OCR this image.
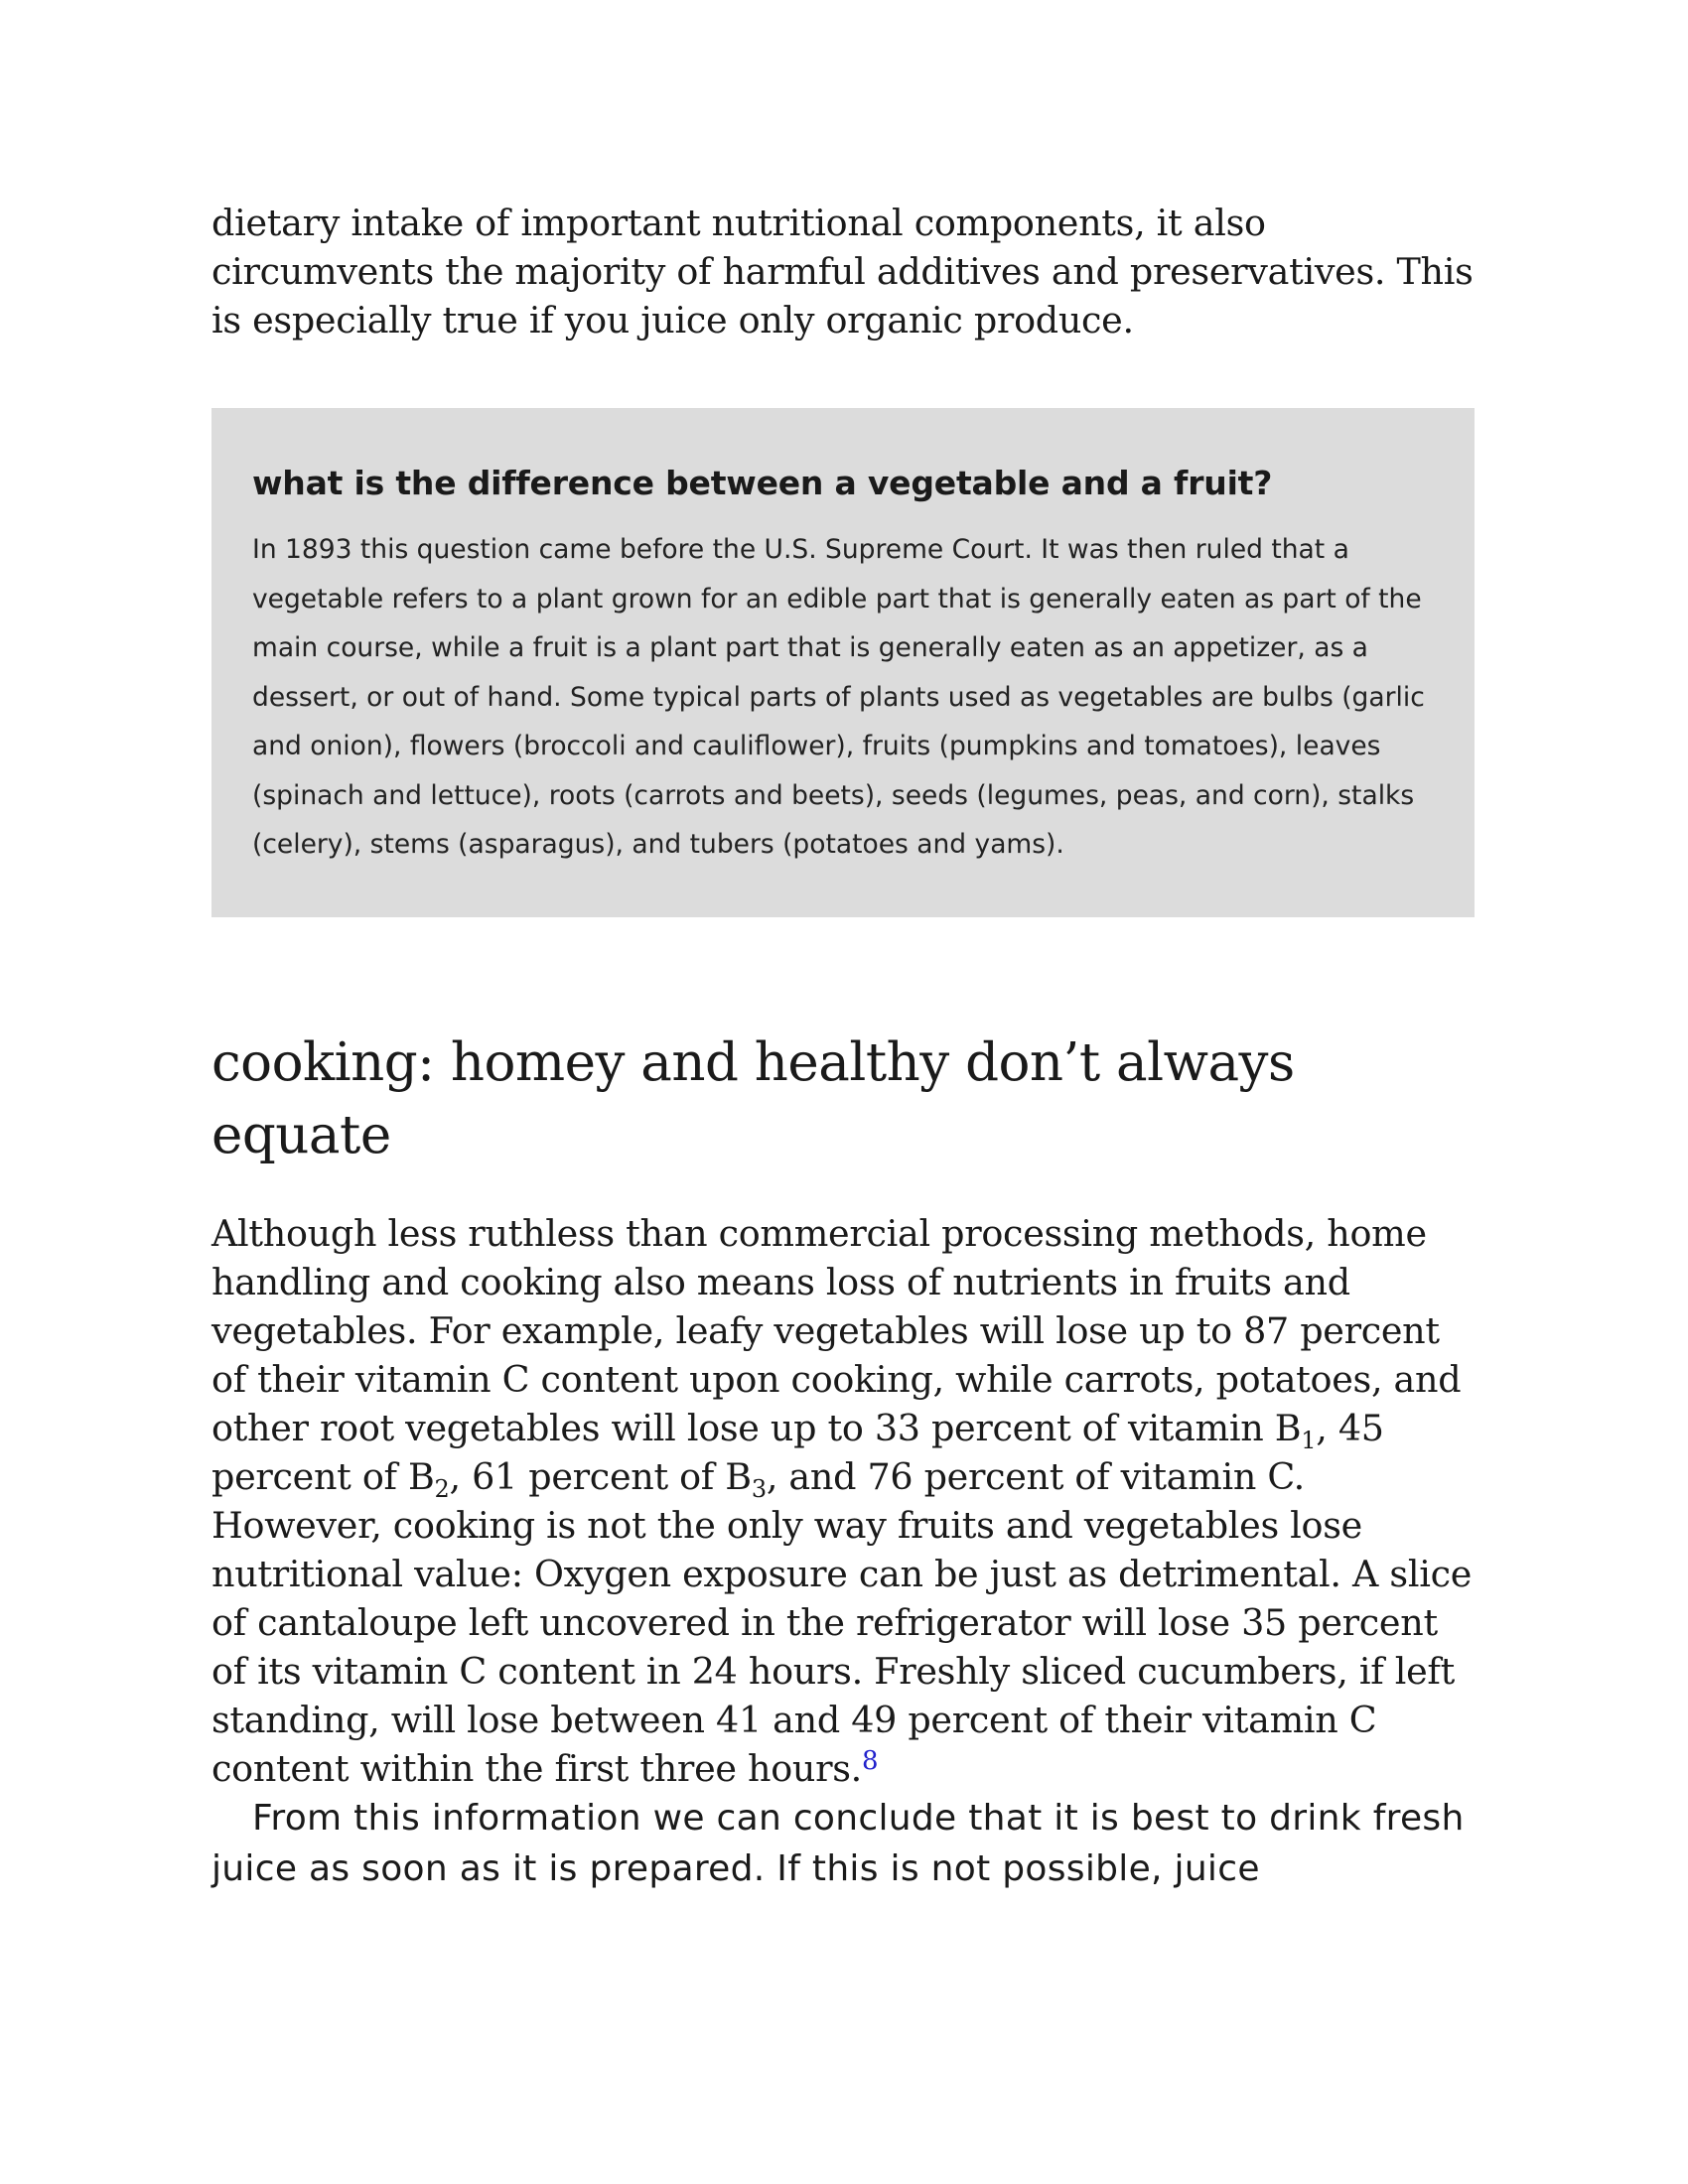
dietary intake of important nutritional components, it also circumvents the majority of harmful additives and preservatives. This is especially true if you juice only organic produce.

what is the difference between a vegetable and a fruit?

In 1893 this question came before the U.S. Supreme Court. It was then ruled that a vegetable refers to a plant grown for an edible part that is generally eaten as part of the main course, while a fruit is a plant part that is generally eaten as an appetizer, as a dessert, or out of hand. Some typical parts of plants used as vegetables are bulbs (garlic and onion), flowers (broccoli and cauliflower), fruits (pumpkins and tomatoes), leaves (spinach and lettuce), roots (carrots and beets), seeds (legumes, peas, and corn), stalks (celery), stems (asparagus), and tubers (potatoes and yams).

cooking: homey and healthy don’t always equate

Although less ruthless than commercial processing methods, home handling and cooking also means loss of nutrients in fruits and vegetables. For example, leafy vegetables will lose up to 87 percent of their vitamin C content upon cooking, while carrots, potatoes, and other root vegetables will lose up to 33 percent of vitamin $B_1$, 45 percent of $B_2$, 61 percent of $B_3$, and 76 percent of vitamin C. However, cooking is not the only way fruits and vegetables lose nutritional value: Oxygen exposure can be just as detrimental. A slice of cantaloupe left uncovered in the refrigerator will lose 35 percent of its vitamin C content in 24 hours. Freshly sliced cucumbers, if left standing, will lose between 41 and 49 percent of their vitamin C content within the first three hours.$^8$

From this information we can conclude that it is best to drink fresh juice as soon as it is prepared. If this is not possible, juice
